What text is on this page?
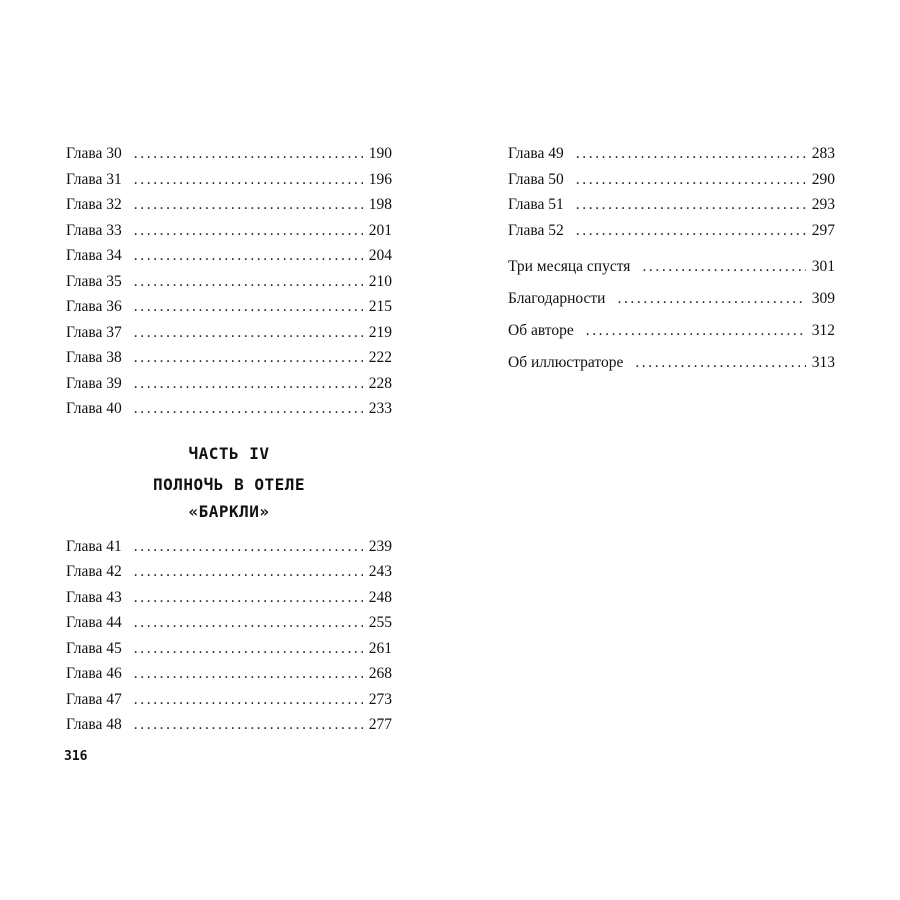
Глава 30 .....	190
Глава 31 .....	196
Глава 32 .....	198
Глава 33 .....	201
Глава 34 .....	204
Глава 35 .....	210
Глава 36 .....	215
Глава 37 .....	219
Глава 38 .....	222
Глава 39 .....	228
Глава 40 .....	233
ЧАСТЬ IV
ПОЛНОЧЬ В ОТЕЛЕ
«БАРКЛИ»
Глава 41 .....	239
Глава 42 .....	243
Глава 43 .....	248
Глава 44 .....	255
Глава 45 .....	261
Глава 46 .....	268
Глава 47 .....	273
Глава 48 .....	277
Глава 49 .....	283
Глава 50 .....	290
Глава 51 .....	293
Глава 52 .....	297
Три месяца спустя .....	301
Благодарности .....	309
Об авторе .....	312
Об иллюстраторе .....	313
316
